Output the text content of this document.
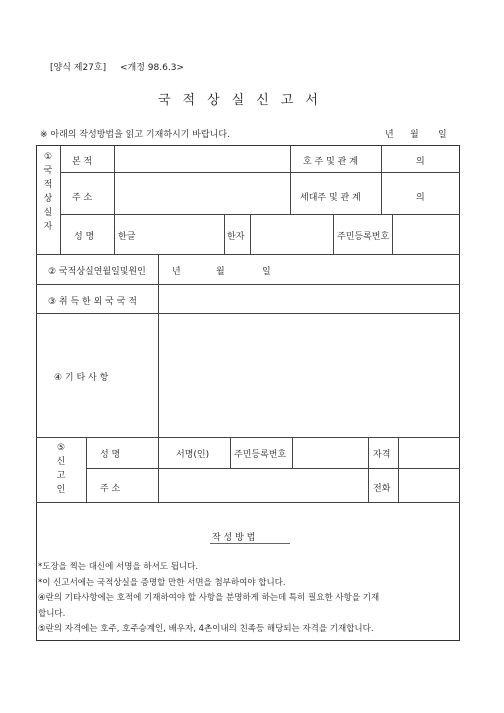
[양식 제27호] <개정 98.6.3>
국적상실신고서
※ 아래의 작성방법을 읽고 기재하시기 바랍니다.	년 월 일
①
국
적
상
실
자
본 적	호 주 및 관 계	의
주 소	세대주 및 관 계	의
성 명	한글	한자	주민등록번호
② 국적상실연월일및원인	년	월	일
③ 취 득 한 외 국 국 적
④ 기 타 사 항
⑤
신
고
인
성 명	서명(인)	주민등록번호	자격
주 소	전화
작 성 방 법
*도장을 찍는 대신에 서명을 하셔도 됩니다.
*이 신고서에는 국적상실을 증명할 만한 서면을 첨부하여야 합니다.
④란의 기타사항에는 호적에 기재하여야 할 사항을 분명하게 하는데 특히 필요한 사항을 기재
합니다.
⑤란의 자격에는 호주, 호주승계인, 배우자, 4촌이내의 친족등 해당되는 자격을 기재합니다.
